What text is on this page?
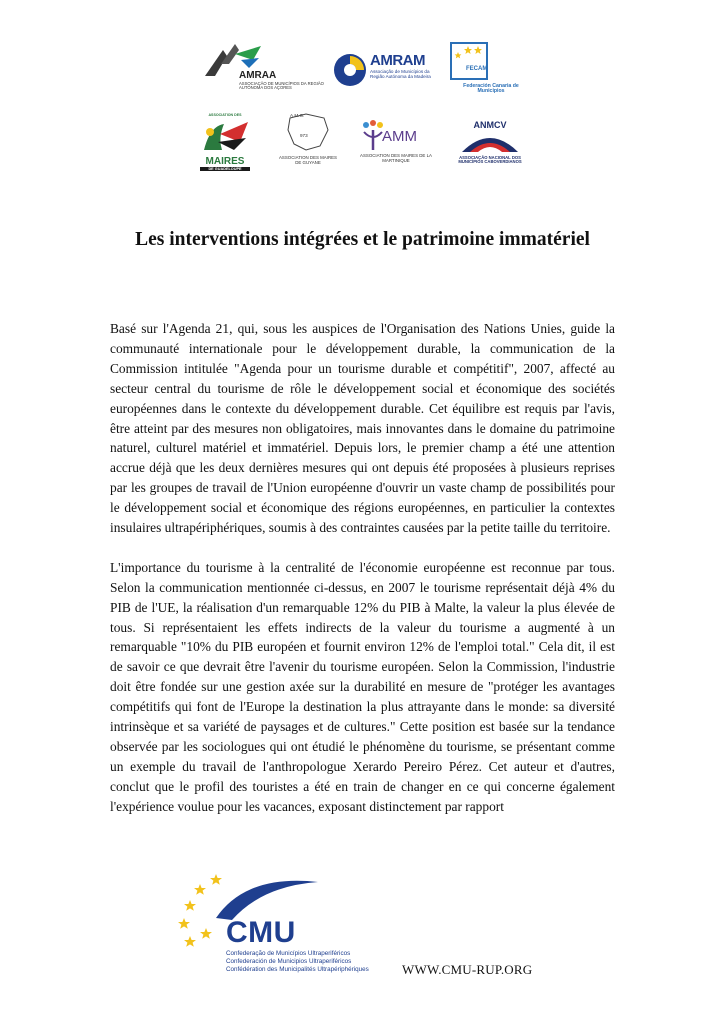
AMRAA
ASSOCIAÇÃO DE MUNICÍPIOS DA REGIÃO AUTÓNOMA DOS AÇORES
AMRAM
Associação de Municípios da Região Autónoma da Madeira
FECAM
Federación Canaria de Municipios
ASSOCIATION DES
MAIRES
DE GUADELOUPE
A.M.G.
973
ASSOCIATION DES MAIRES DE GUYANE
AMM
ASSOCIATION DES MAIRES DE LA MARTINIQUE
ANMCV
ASSOCIAÇÃO NACIONAL DOS MUNICÍPIOS CABOVERDIANOS
Les interventions intégrées et le patrimoine immatériel

Basé sur l'Agenda 21, qui, sous les auspices de l'Organisation des Nations Unies, guide la communauté internationale pour le développement durable, la communication de la Commission intitulée "Agenda pour un tourisme durable et compétitif", 2007, affecté au secteur central du tourisme de rôle le développement social et économique des sociétés européennes dans le contexte du développement durable. Cet équilibre est requis par l'avis, être atteint par des mesures non obligatoires, mais innovantes dans le domaine du patrimoine naturel, culturel matériel et immatériel. Depuis lors, le premier champ a été une attention accrue déjà que les deux dernières mesures qui ont depuis été proposées à plusieurs reprises par les groupes de travail de l'Union européenne d'ouvrir un vaste champ de possibilités pour le développement social et économique des régions européennes, en particulier la contextes insulaires ultrapériphériques, soumis à des contraintes causées par la petite taille du territoire.

L'importance du tourisme à la centralité de l'économie européenne est reconnue par tous. Selon la communication mentionnée ci-dessus, en 2007 le tourisme représentait déjà 4% du PIB de l'UE, la réalisation d'un remarquable 12% du PIB à Malte, la valeur la plus élevée de tous. Si représentaient les effets indirects de la valeur du tourisme a augmenté à un remarquable "10% du PIB européen et fournit environ 12% de l'emploi total." Cela dit, il est de savoir ce que devrait être l'avenir du tourisme européen. Selon la Commission, l'industrie doit être fondée sur une gestion axée sur la durabilité en mesure de "protéger les avantages compétitifs qui font de l'Europe la destination la plus attrayante dans le monde: sa diversité intrinsèque et sa variété de paysages et de cultures." Cette position est basée sur la tendance observée par les sociologues qui ont étudié le phénomène du tourisme, se présentant comme un exemple du travail de l'anthropologue Xerardo Pereiro Pérez. Cet auteur et d'autres, conclut que le profil des touristes a été en train de changer en ce qui concerne également l'expérience voulue pour les vacances, exposant distinctement par rapport

CMU
Confederação de Municípios Ultraperiféricos
Confederación de Municipios Ultraperiféricos
Confédération des Municipalités Ultrapériphériques	WWW.CMU-RUP.ORG
